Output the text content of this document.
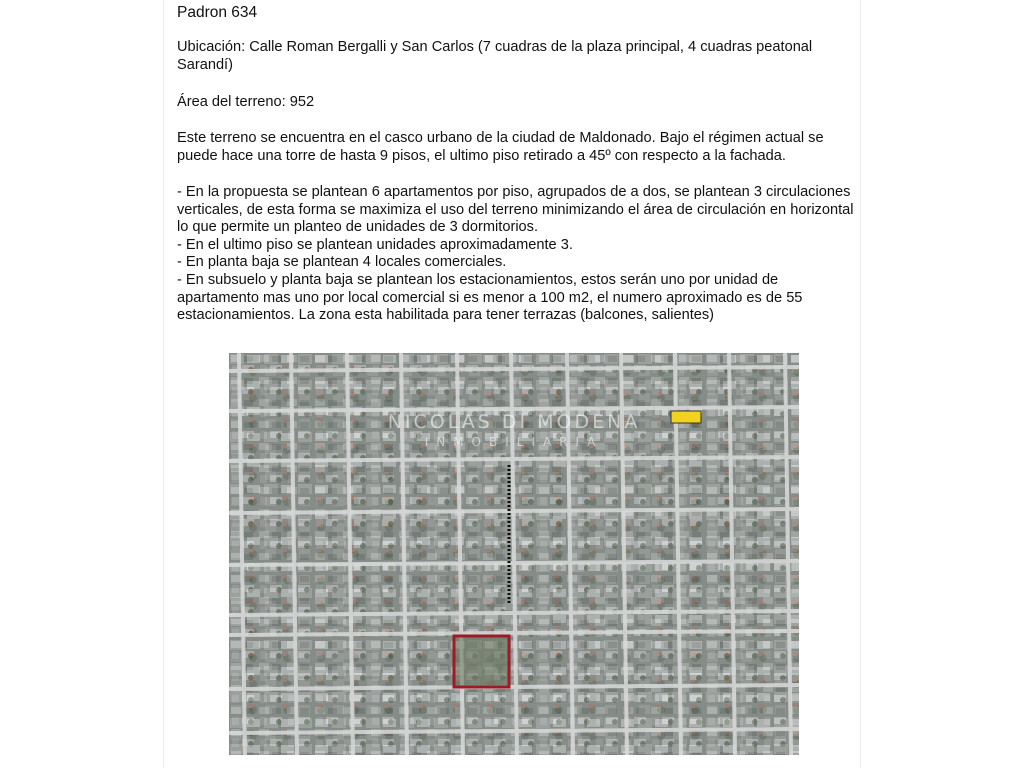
Padron 634

Ubicación: Calle Roman Bergalli y San Carlos (7 cuadras de la plaza principal, 4 cuadras peatonal Sarandí)

Área del terreno: 952

Este terreno se encuentra en el casco urbano de la ciudad de Maldonado. Bajo el régimen actual se puede hace una torre de hasta 9 pisos, el ultimo piso retirado a 45º con respecto a la fachada.

- En la propuesta se plantean 6 apartamentos por piso, agrupados de a dos, se plantean 3 circulaciones verticales, de esta forma se maximiza el uso del terreno minimizando el área de circulación en horizontal lo que permite un planteo de unidades de 3 dormitorios.
- En el ultimo piso se plantean unidades aproximadamente 3.
- En planta baja se plantean 4 locales comerciales.
- En subsuelo y planta baja se plantean los estacionamientos, estos serán uno por unidad de apartamento mas uno por local comercial si es menor a 100 m2, el numero aproximado es de 55 estacionamientos. La zona esta habilitada para tener terrazas (balcones, salientes)
NICOLAS DI MODENA
INMOBILIARIA
